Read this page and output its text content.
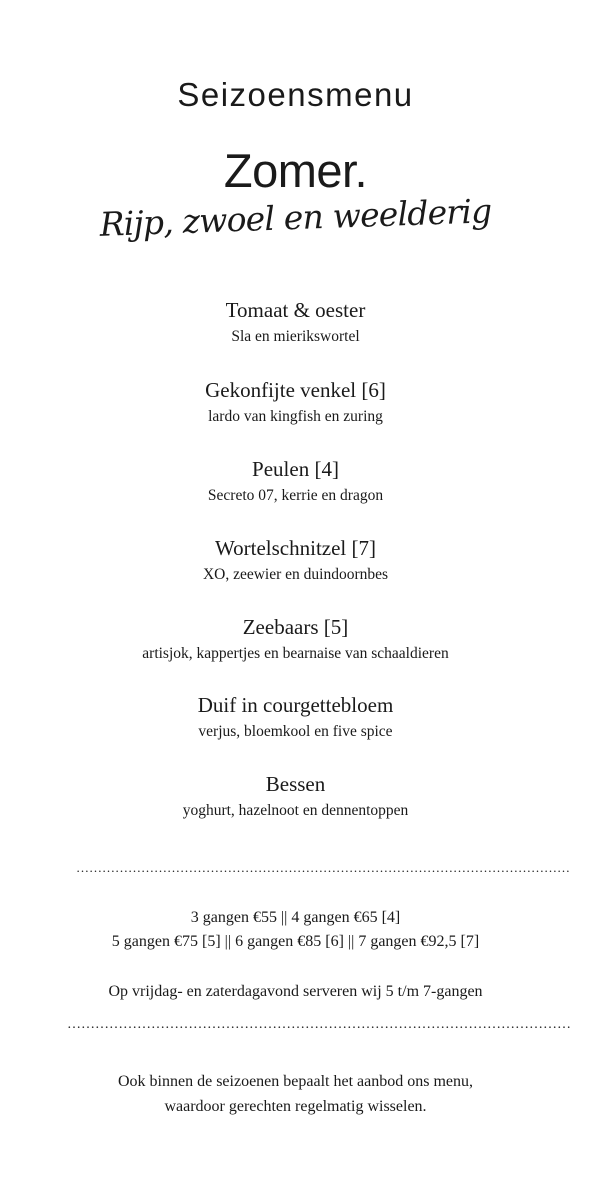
Seizoensmenu
Zomer.
Rijp, zwoel en weelderig
Tomaat & oester
Sla en mierikswortel
Gekonfijte venkel [6]
lardo van kingfish en zuring
Peulen [4]
Secreto 07, kerrie en dragon
Wortelschnitzel [7]
XO, zeewier en duindoornbes
Zeebaars [5]
artisjok, kappertjes en bearnaise van schaaldieren
Duif in courgettebloem
verjus, bloemkool en five spice
Bessen
yoghurt, hazelnoot en dennentoppen
……………………………………………………………………………………………………
3 gangen €55 || 4 gangen €65 [4]
5 gangen €75 [5] || 6 gangen €85 [6] || 7 gangen €92,5 [7]
Op vrijdag- en zaterdagavond serveren wij 5 t/m 7-gangen
………………………………………………………………………………………………
Ook binnen de seizoenen bepaalt het aanbod ons menu,
waardoor gerechten regelmatig wisselen.
